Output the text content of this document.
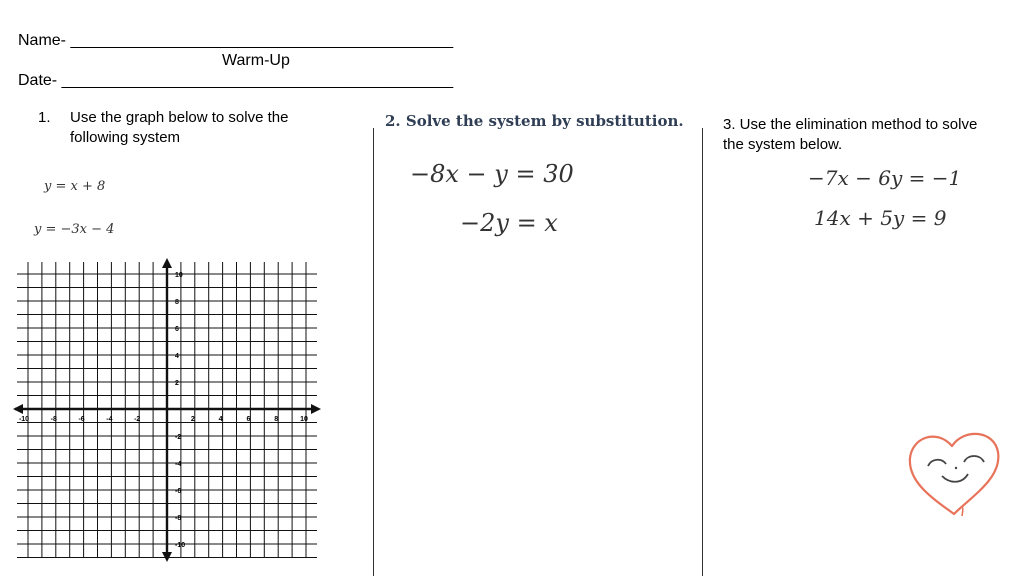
Name- ___________________________________________
Warm-Up
Date- ____________________________________________
1. Use the graph below to solve the following system
y = x + 8
y = −3x − 4
-10	-8	-6	-4	-2	2	4	6	8	10
10
8
6
4
2
-2
-4
-6
-8
-10
2. Solve the system by substitution.
−8x − y = 30
−2y = x
3. Use the elimination method to solve the system below.
−7x − 6y = −1
14x + 5y = 9
